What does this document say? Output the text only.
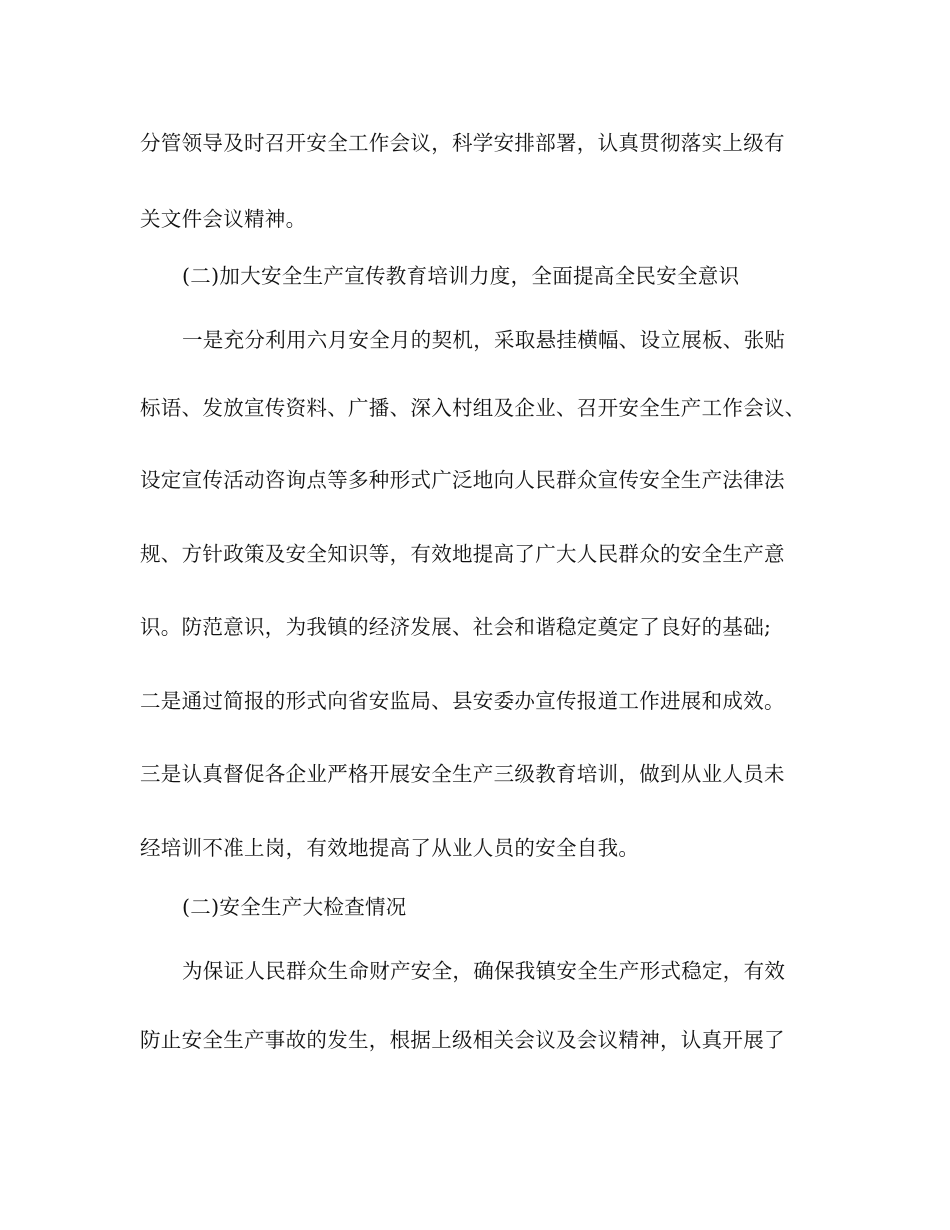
分管领导及时召开安全工作会议，科学安排部署，认真贯彻落实上级有
关文件会议精神。
(二)加大安全生产宣传教育培训力度，全面提高全民安全意识
一是充分利用六月安全月的契机，采取悬挂横幅、设立展板、张贴
标语、发放宣传资料、广播、深入村组及企业、召开安全生产工作会议、
设定宣传活动咨询点等多种形式广泛地向人民群众宣传安全生产法律法
规、方针政策及安全知识等，有效地提高了广大人民群众的安全生产意
识。防范意识，为我镇的经济发展、社会和谐稳定奠定了良好的基础;
二是通过简报的形式向省安监局、县安委办宣传报道工作进展和成效。
三是认真督促各企业严格开展安全生产三级教育培训，做到从业人员未
经培训不准上岗，有效地提高了从业人员的安全自我。
(二)安全生产大检查情况
为保证人民群众生命财产安全，确保我镇安全生产形式稳定，有效
防止安全生产事故的发生，根据上级相关会议及会议精神，认真开展了
